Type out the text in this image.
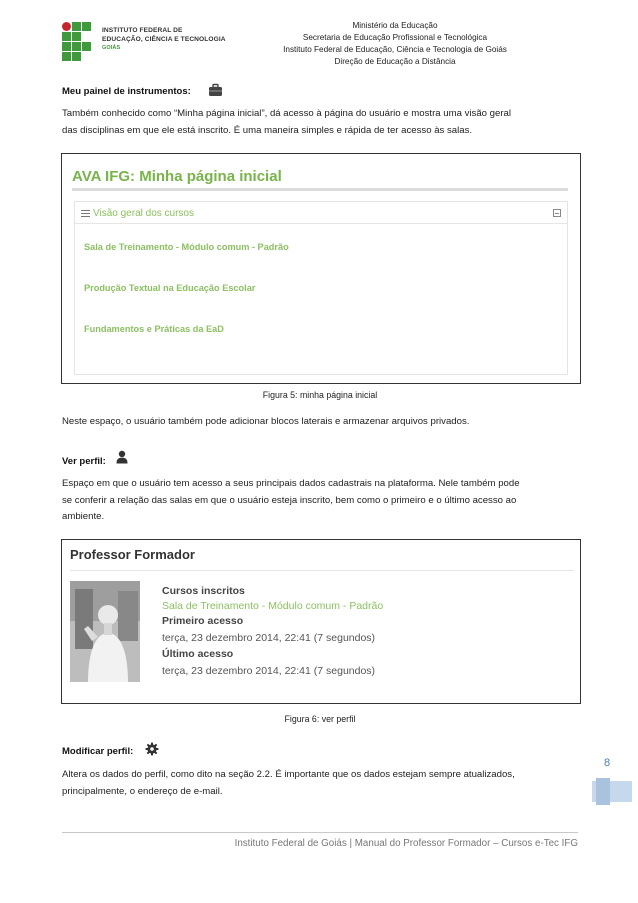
INSTITUTO FEDERAL DE
EDUCAÇÃO, CIÊNCIA E TECNOLOGIA
GOIÁS
Ministério da Educação
Secretaria de Educação Profissional e Tecnológica
Instituto Federal de Educação, Ciência e Tecnologia de Goiás
Direção de Educação a Distância
Meu painel de instrumentos:
Também conhecido como “Minha página inicial”, dá acesso à página do usuário e mostra uma visão geral
das disciplinas em que ele está inscrito. É uma maneira simples e rápida de ter acesso às salas.
AVA IFG: Minha página inicial
Visão geral dos cursos
Sala de Treinamento - Módulo comum - Padrão
Produção Textual na Educação Escolar
Fundamentos e Práticas da EaD
Figura 5: minha página inicial
Neste espaço, o usuário também pode adicionar blocos laterais e armazenar arquivos privados.
Ver perfil:
Espaço em que o usuário tem acesso a seus principais dados cadastrais na plataforma. Nele também pode
se conferir a relação das salas em que o usuário esteja inscrito, bem como o primeiro e o último acesso ao
ambiente.
Professor Formador
Cursos inscritos
Sala de Treinamento - Módulo comum - Padrão
Primeiro acesso
terça, 23 dezembro 2014, 22:41 (7 segundos)
Último acesso
terça, 23 dezembro 2014, 22:41 (7 segundos)
Figura 6: ver perfil
Modificar perfil:
Altera os dados do perfil, como dito na seção 2.2. É importante que os dados estejam sempre atualizados,
principalmente, o endereço de e-mail.
8
Instituto Federal de Goiás | Manual do Professor Formador – Cursos e-Tec IFG
